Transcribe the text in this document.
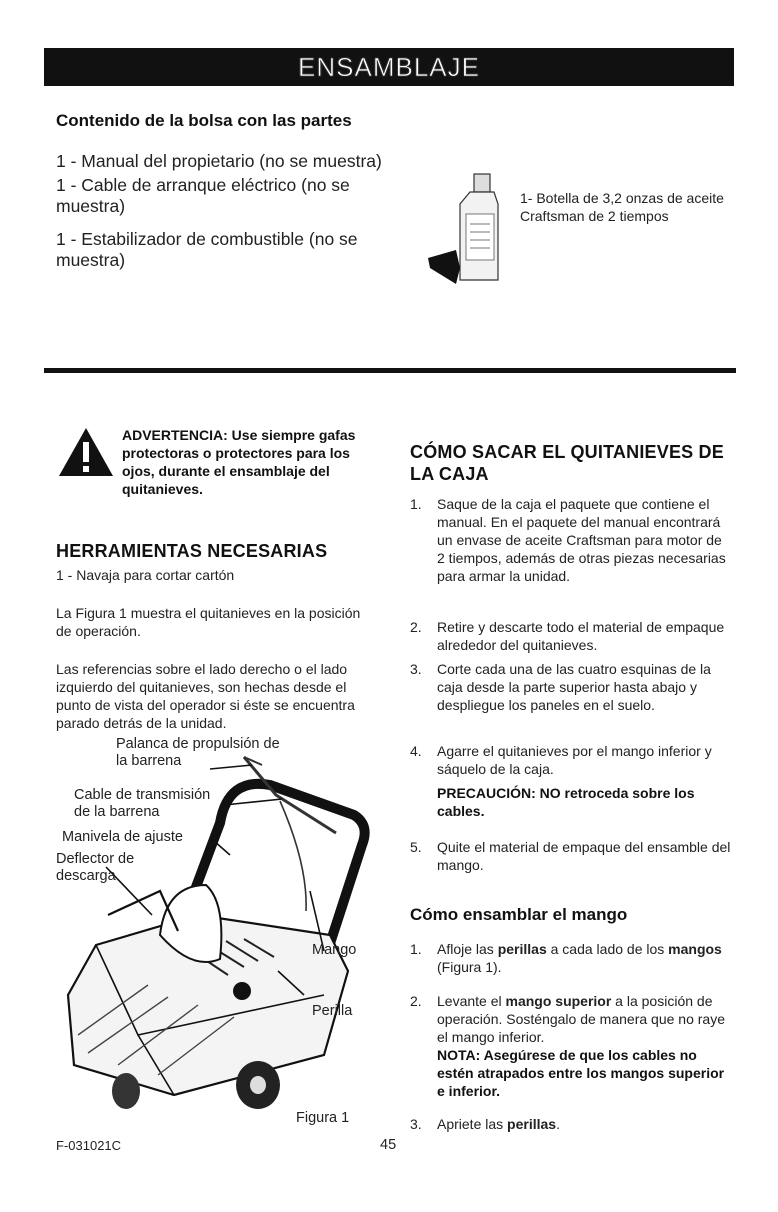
ENSAMBLAJE
Contenido de la bolsa con las partes
1 - Manual del propietario (no se muestra)
1 - Cable de arranque eléctrico (no se muestra)
1 - Estabilizador de combustible (no se muestra)
1- Botella de 3,2 onzas de aceite Craftsman de 2 tiempos
ADVERTENCIA: Use siempre gafas protectoras o protectores para los ojos, durante el ensamblaje del quitanieves.
HERRAMIENTAS NECESARIAS
1 - Navaja para cortar cartón
La Figura 1 muestra el quitanieves en la posición de operación.
Las referencias sobre el lado derecho o el lado izquierdo del quitanieves, son hechas desde el punto de vista del operador si éste se encuentra parado detrás de la unidad.
Palanca de propulsión de la barrena
Cable de transmisión de la barrena
Manivela de ajuste
Deflector de descarga
Mango
Perilla
Figura 1
F-031021C	45
CÓMO SACAR EL QUITANIEVES DE LA CAJA
1. Saque de la caja el paquete que contiene el manual. En el paquete del manual encontrará un envase de aceite Craftsman para motor de 2 tiempos, además de otras piezas necesarias para armar la unidad.
2. Retire y descarte todo el material de empaque alrededor del quitanieves.
3. Corte cada una de las cuatro esquinas de la caja desde la parte superior hasta abajo y despliegue los paneles en el suelo.
4. Agarre el quitanieves por el mango inferior y sáquelo de la caja.
PRECAUCIÓN: NO retroceda sobre los cables.
5. Quite el material de empaque del ensamble del mango.
Cómo ensamblar el mango
1. Afloje las perillas a cada lado de los mangos (Figura 1).
2. Levante el mango superior a la posición de operación. Sosténgalo de manera que no raye el mango inferior.
NOTA: Asegúrese de que los cables no estén atrapados entre los mangos superior e inferior.
3. Apriete las perillas.
